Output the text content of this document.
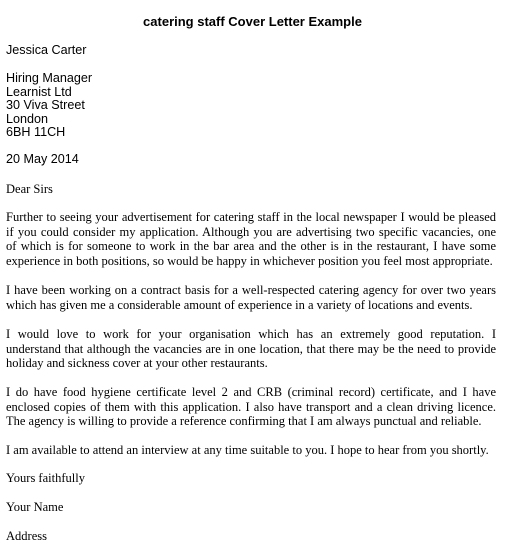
catering staff Cover Letter Example
Jessica Carter
Hiring Manager
Learnist Ltd
30 Viva Street
London
6BH 11CH
20 May 2014
Dear Sirs
Further to seeing your advertisement for catering staff in the local newspaper I would be pleased
if you could consider my application. Although you are advertising two specific vacancies, one
of which is for someone to work in the bar area and the other is in the restaurant, I have some
experience in both positions, so would be happy in whichever position you feel most appropriate.
I have been working on a contract basis for a well-respected catering agency for over two years
which has given me a considerable amount of experience in a variety of locations and events.
I would love to work for your organisation which has an extremely good reputation. I
understand that although the vacancies are in one location, that there may be the need to provide
holiday and sickness cover at your other restaurants.
I do have food hygiene certificate level 2 and CRB (criminal record) certificate, and I have
enclosed copies of them with this application. I also have transport and a clean driving licence.
The agency is willing to provide a reference confirming that I am always punctual and reliable.
I am available to attend an interview at any time suitable to you. I hope to hear from you shortly.
Yours faithfully
Your Name
Address
